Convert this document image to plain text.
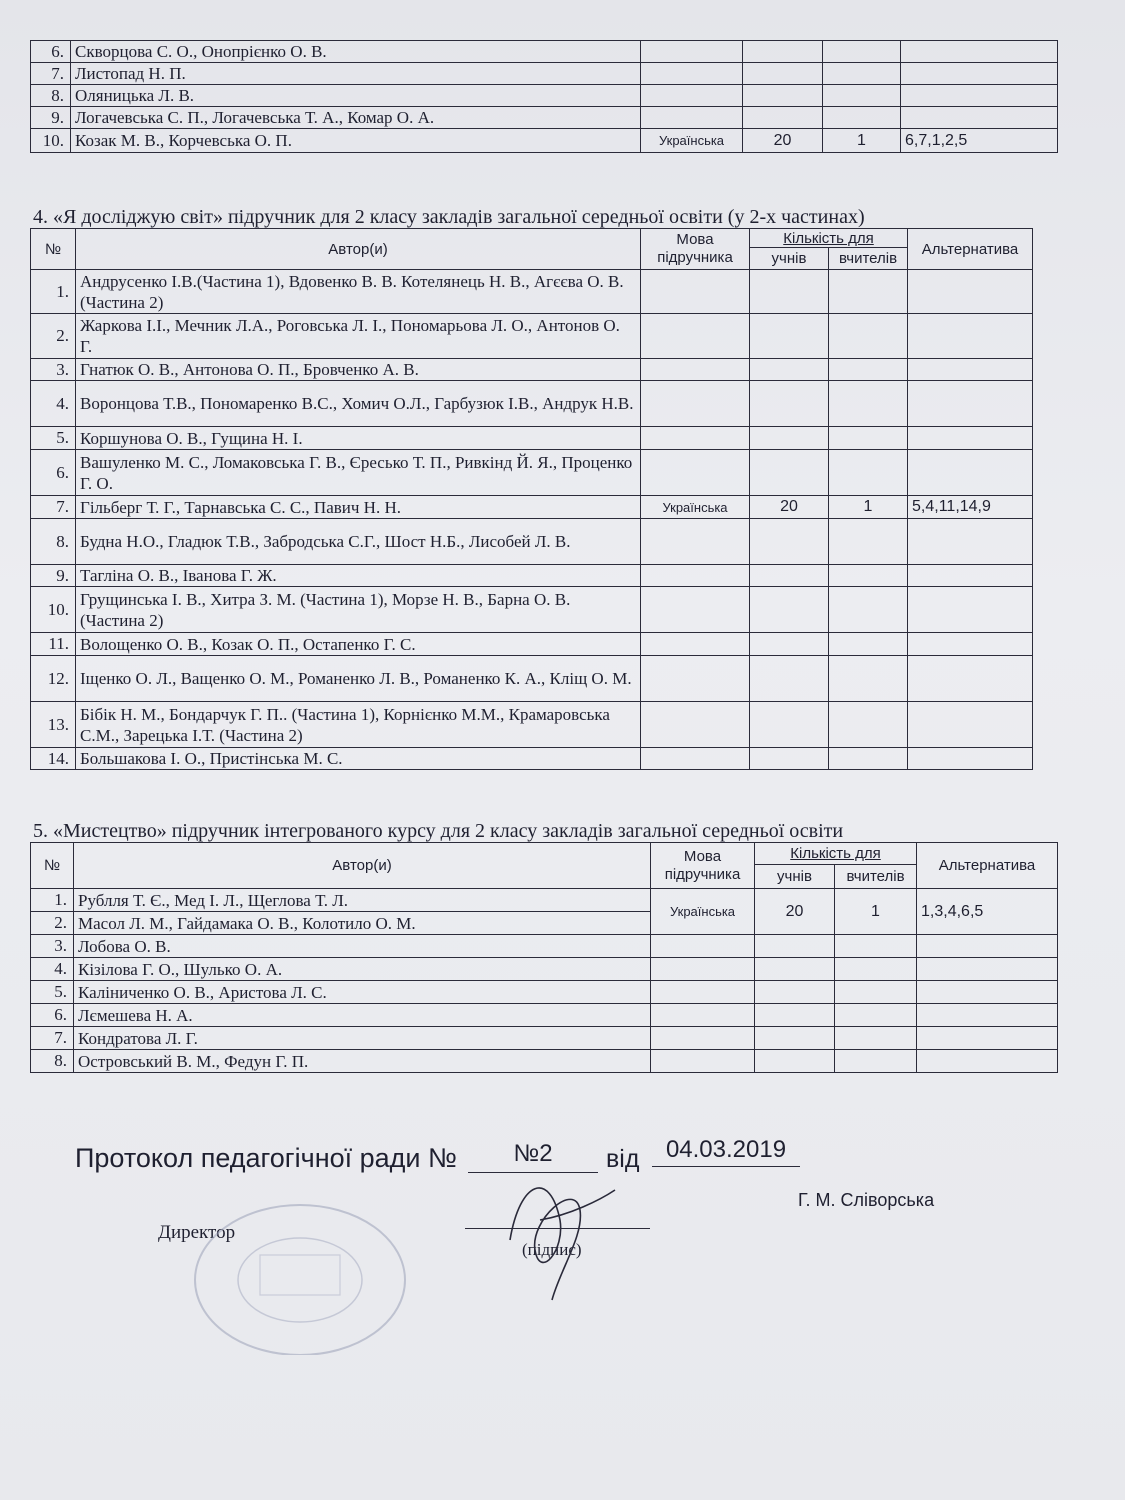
6.	Скворцова С. О., Онопрієнко О. В.				
7.	Листопад Н. П.				
8.	Оляницька Л. В.				
9.	Логачевська С. П., Логачевська Т. А., Комар О. А.				
10.	Козак М. В., Корчевська О. П.	Українська	20	1	6,7,1,2,5
4. «Я досліджую світ» підручник для 2 класу закладів загальної середньої освіти (у 2-х частинах)
№	Автор(и)	Мова підручника	Кількість для		Альтернатива
			учнів	вчителів	
1.	Андрусенко І.В.(Частина 1), Вдовенко В. В. Котелянець Н. В., Агєєва О. В. (Частина 2)				
2.	Жаркова І.І., Мечник Л.А., Роговська Л. І., Пономарьова Л. О., Антонов О. Г.				
3.	Гнатюк О. В., Антонова О. П., Бровченко А. В.				
4.	Воронцова Т.В., Пономаренко В.С., Хомич О.Л., Гарбузюк І.В., Андрук Н.В.				
5.	Коршунова О. В., Гущина Н. І.				
6.	Вашуленко М. С., Ломаковська Г. В., Єресько Т. П., Ривкінд Й. Я., Проценко Г. О.				
7.	Гільберг Т. Г., Тарнавська С. С., Павич Н. Н.	Українська	20	1	5,4,11,14,9
8.	Будна Н.О., Гладюк Т.В., Забродська С.Г., Шост Н.Б., Лисобей Л. В.				
9.	Тагліна О. В., Іванова Г. Ж.				
10.	Грущинська І. В., Хитра З. М. (Частина 1), Морзе Н. В., Барна О. В. (Частина 2)				
11.	Волощенко О. В., Козак О. П., Остапенко Г. С.				
12.	Іщенко О. Л., Ващенко О. М., Романенко Л. В., Романенко К. А., Кліщ О. М.				
13.	Бібік Н. М., Бондарчук Г. П.. (Частина 1), Корнієнко М.М., Крамаровська С.М., Зарецька І.Т. (Частина 2)				
14.	Большакова І. О., Пристінська М. С.				
5. «Мистецтво» підручник інтегрованого курсу для 2 класу закладів загальної середньої освіти
№	Автор(и)	Мова підручника	Кількість для		Альтернатива
			учнів	вчителів	
1.	Рублля Т. Є., Мед І. Л., Щеглова Т. Л.	Українська	20	1	1,3,4,6,5
2.	Масол Л. М., Гайдамака О. В., Колотило О. М.				
3.	Лобова О. В.				
4.	Кізілова Г. О., Шулько О. А.				
5.	Каліниченко О. В., Аристова Л. С.				
6.	Лємешева Н. А.				
7.	Кондратова Л. Г.				
8.	Островський В. М., Федун Г. П.				
Протокол педагогічної ради №	№2	від	04.03.2019
Директор
(підпис)
Г. М. Сліворська
